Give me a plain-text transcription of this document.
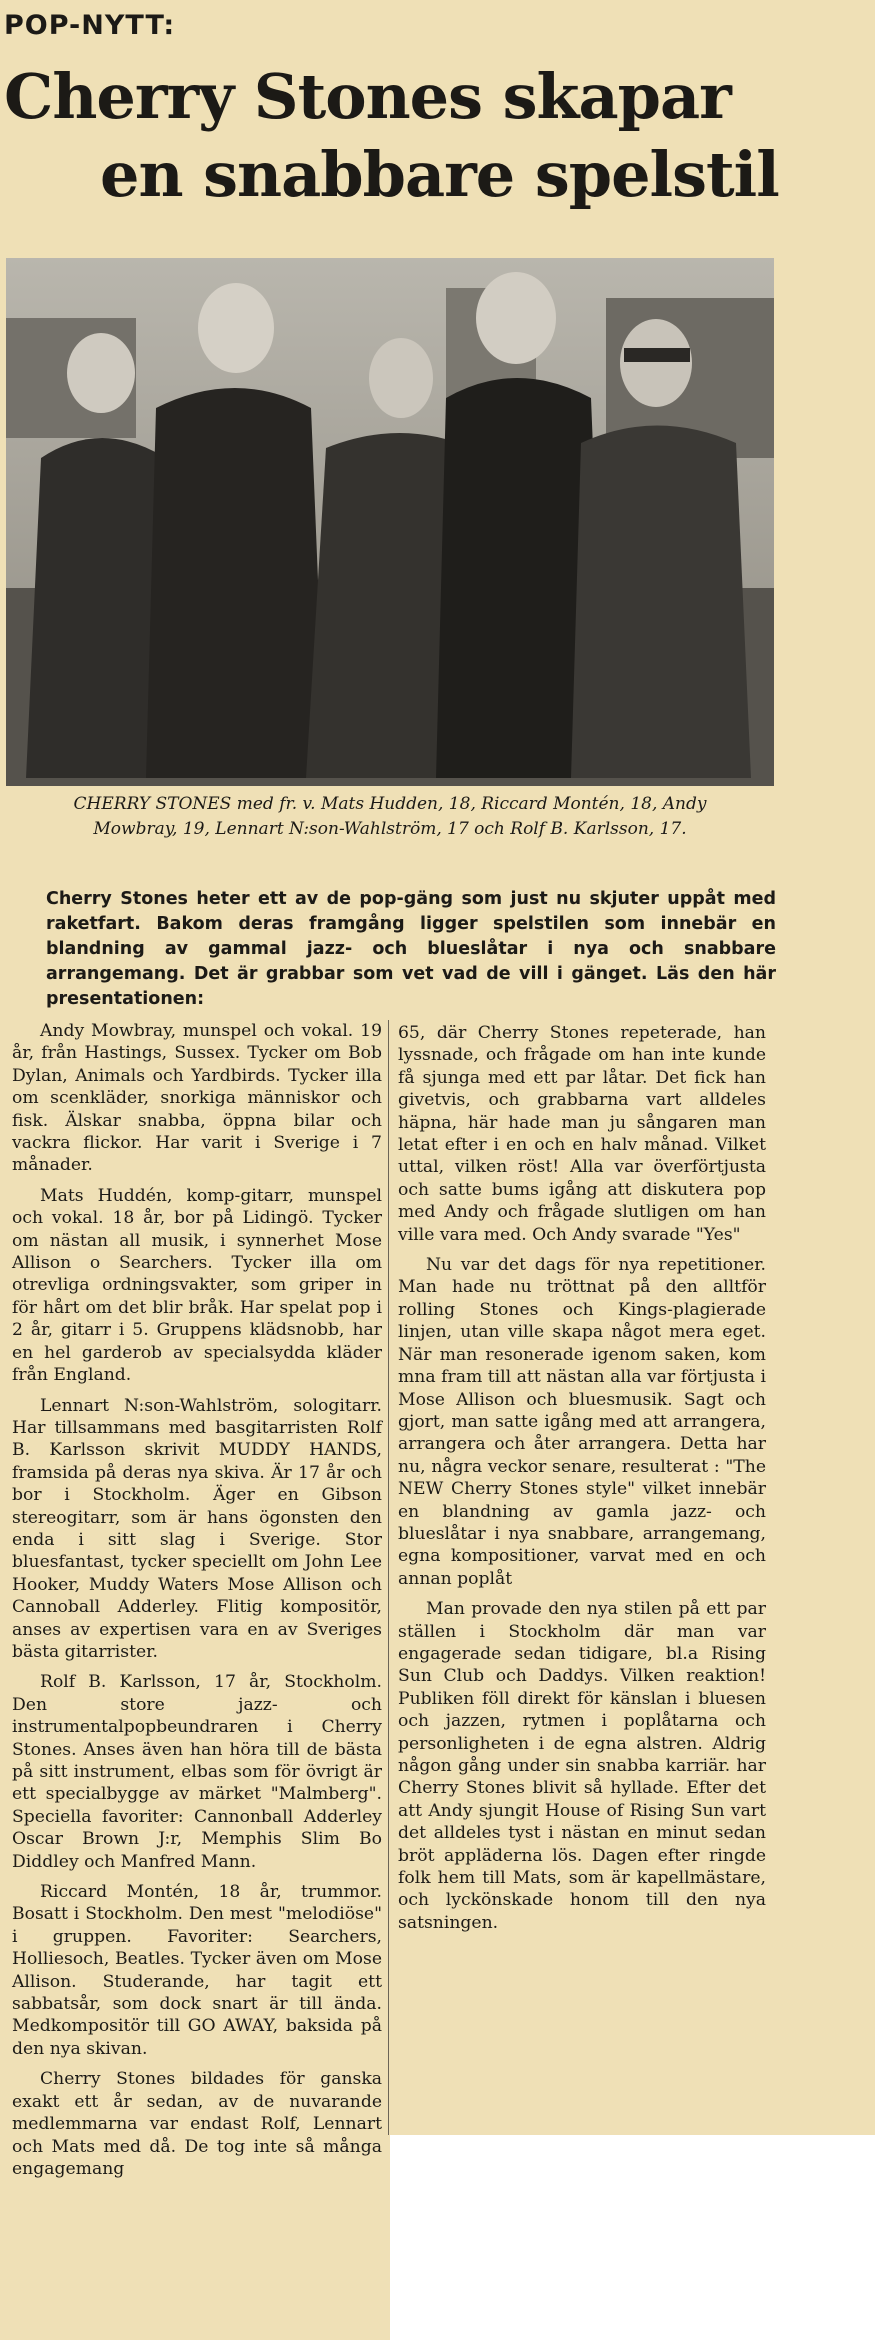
POP-NYTT:
Cherry Stones skapar
en snabbare spelstil
CHERRY STONES med fr. v. Mats Hudden, 18, Riccard Montén, 18, Andy Mowbray, 19, Lennart N:son-Wahlström, 17 och Rolf B. Karlsson, 17.
Cherry Stones heter ett av de pop-gäng som just nu skjuter uppåt med raketfart. Bakom deras framgång ligger spelstilen som innebär en blandning av gammal jazz- och blueslåtar i nya och snabbare arrangemang. Det är grabbar som vet vad de vill i gänget. Läs den här presentationen:

Andy Mowbray, munspel och vokal. 19 år, från Hastings, Sussex. Tycker om Bob Dylan, Animals och Yardbirds. Tycker illa om scenkläder, snorkiga människor och fisk. Älskar snabba, öppna bilar och vackra flickor. Har varit i Sverige i 7 månader.

Mats Huddén, komp-gitarr, munspel och vokal. 18 år, bor på Lidingö. Tycker om nästan all musik, i synnerhet Mose Allison o Searchers. Tycker illa om otrevliga ordningsvakter, som griper in för hårt om det blir bråk. Har spelat pop i 2 år, gitarr i 5. Gruppens klädsnobb, har en hel garderob av specialsydda kläder från England.

Lennart N:son-Wahlström, sologitarr. Har tillsammans med basgitarristen Rolf B. Karlsson skrivit MUDDY HANDS, framsida på deras nya skiva. Är 17 år och bor i Stockholm. Äger en Gibson stereogitarr, som är hans ögonsten den enda i sitt slag i Sverige. Stor bluesfantast, tycker speciellt om John Lee Hooker, Muddy Waters Mose Allison och Cannoball Adderley. Flitig kompositör, anses av expertisen vara en av Sveriges bästa gitarrister.

Rolf B. Karlsson, 17 år, Stockholm. Den store jazz- och instrumentalpopbeundraren i Cherry Stones. Anses även han höra till de bästa på sitt instrument, elbas som för övrigt är ett specialbygge av märket "Malmberg". Speciella favoriter: Cannonball Adderley Oscar Brown J:r, Memphis Slim Bo Diddley och Manfred Mann.

Riccard Montén, 18 år, trummor. Bosatt i Stockholm. Den mest "melodiöse" i gruppen. Favoriter: Searchers, Holliesoch, Beatles. Tycker även om Mose Allison. Studerande, har tagit ett sabbatsår, som dock snart är till ända. Medkompositör till GO AWAY, baksida på den nya skivan.

Cherry Stones bildades för ganska exakt ett år sedan, av de nuvarande medlemmarna var endast Rolf, Lennart och Mats med då. De tog inte så många engagemang

65, där Cherry Stones repeterade, han lyssnade, och frågade om han inte kunde få sjunga med ett par låtar. Det fick han givetvis, och grabbarna vart alldeles häpna, här hade man ju sångaren man letat efter i en och en halv månad. Vilket uttal, vilken röst! Alla var överförtjusta och satte bums igång att diskutera pop med Andy och frågade slutligen om han ville vara med. Och Andy svarade "Yes"

Nu var det dags för nya repetitioner. Man hade nu tröttnat på den alltför rolling Stones och Kings-plagierade linjen, utan ville skapa något mera eget. När man resonerade igenom saken, kom mna fram till att nästan alla var förtjusta i Mose Allison och bluesmusik. Sagt och gjort, man satte igång med att arrangera, arrangera och åter arrangera. Detta har nu, några veckor senare, resulterat : "The NEW Cherry Stones style" vilket innebär en blandning av gamla jazz- och blueslåtar i nya snabbare, arrangemang, egna kompositioner, varvat med en och annan poplåt

Man provade den nya stilen på ett par ställen i Stockholm där man var engagerade sedan tidigare, bl.a Rising Sun Club och Daddys. Vilken reaktion! Publiken föll direkt för känslan i bluesen och jazzen, rytmen i poplåtarna och personligheten i de egna alstren. Aldrig någon gång under sin snabba karriär. har Cherry Stones blivit så hyllade. Efter det att Andy sjungit House of Rising Sun vart det alldeles tyst i nästan en minut sedan bröt appläderna lös. Dagen efter ringde folk hem till Mats, som är kapellmästare, och lyckönskade honom till den nya satsningen.
